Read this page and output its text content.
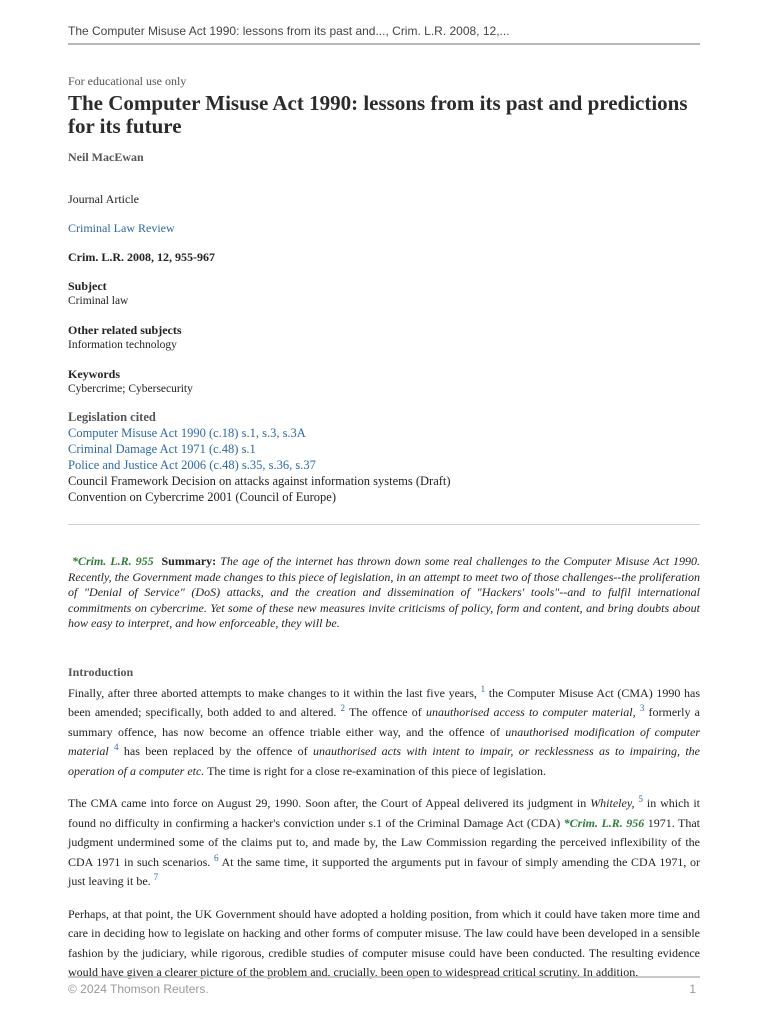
The Computer Misuse Act 1990: lessons from its past and..., Crim. L.R. 2008, 12,...
For educational use only
The Computer Misuse Act 1990: lessons from its past and predictions for its future
Neil MacEwan
Journal Article
Criminal Law Review
Crim. L.R. 2008, 12, 955-967
Subject
Criminal law
Other related subjects
Information technology
Keywords
Cybercrime; Cybersecurity
Legislation cited
Computer Misuse Act 1990 (c.18) s.1, s.3, s.3A
Criminal Damage Act 1971 (c.48) s.1
Police and Justice Act 2006 (c.48) s.35, s.36, s.37
Council Framework Decision on attacks against information systems (Draft)
Convention on Cybercrime 2001 (Council of Europe)
*Crim. L.R. 955 Summary: The age of the internet has thrown down some real challenges to the Computer Misuse Act 1990. Recently, the Government made changes to this piece of legislation, in an attempt to meet two of those challenges--the proliferation of "Denial of Service" (DoS) attacks, and the creation and dissemination of "Hackers' tools"--and to fulfil international commitments on cybercrime. Yet some of these new measures invite criticisms of policy, form and content, and bring doubts about how easy to interpret, and how enforceable, they will be.
Introduction
Finally, after three aborted attempts to make changes to it within the last five years, $^1$ the Computer Misuse Act (CMA) 1990 has been amended; specifically, both added to and altered. $^2$ The offence of unauthorised access to computer material, $^3$ formerly a summary offence, has now become an offence triable either way, and the offence of unauthorised modification of computer material $^4$ has been replaced by the offence of unauthorised acts with intent to impair, or recklessness as to impairing, the operation of a computer etc. The time is right for a close re-examination of this piece of legislation.
The CMA came into force on August 29, 1990. Soon after, the Court of Appeal delivered its judgment in Whiteley, $^5$ in which it found no difficulty in confirming a hacker's conviction under s.1 of the Criminal Damage Act (CDA) *Crim. L.R. 956 1971. That judgment undermined some of the claims put to, and made by, the Law Commission regarding the perceived inflexibility of the CDA 1971 in such scenarios. $^6$ At the same time, it supported the arguments put in favour of simply amending the CDA 1971, or just leaving it be. $^7$
Perhaps, at that point, the UK Government should have adopted a holding position, from which it could have taken more time and care in deciding how to legislate on hacking and other forms of computer misuse. The law could have been developed in a sensible fashion by the judiciary, while rigorous, credible studies of computer misuse could have been conducted. The resulting evidence would have given a clearer picture of the problem and, crucially, been open to widespread critical scrutiny. In addition,
© 2024 Thomson Reuters.	1
